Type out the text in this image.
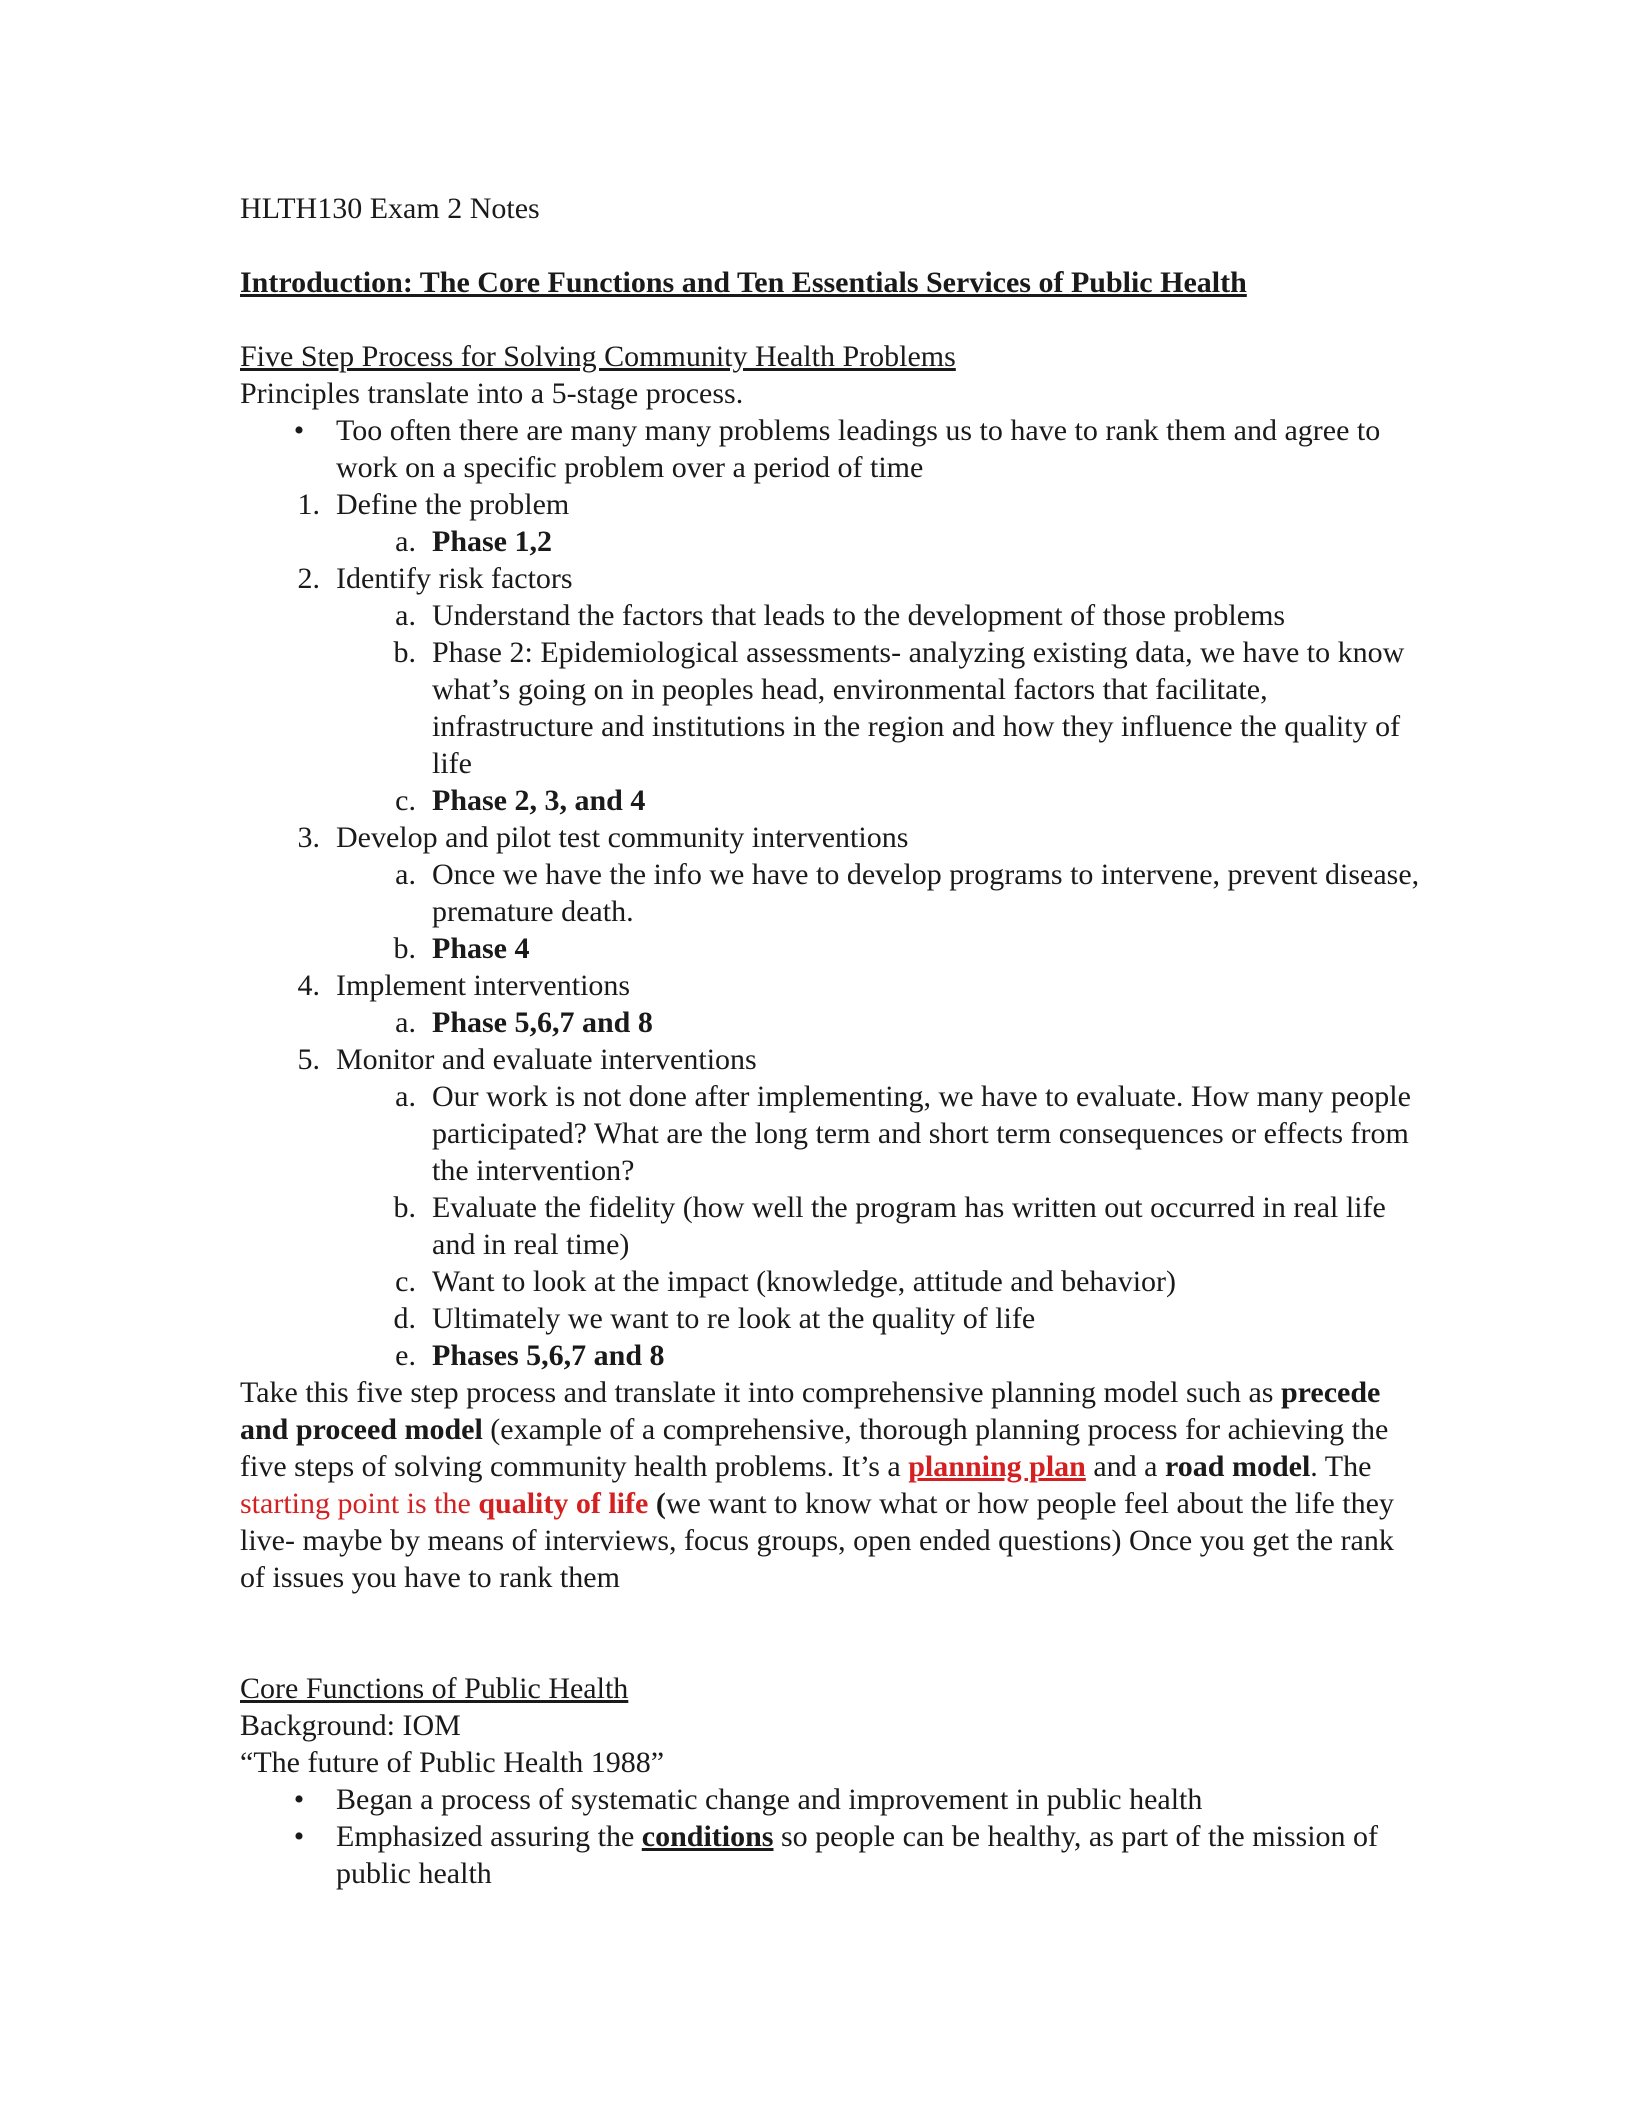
HLTH130 Exam 2 Notes

Introduction: The Core Functions and Ten Essentials Services of Public Health

Five Step Process for Solving Community Health Problems

Principles translate into a 5-stage process.

•	Too often there are many many problems leadings us to have to rank them and agree to work on a specific problem over a period of time
1. Define the problem
a. Phase 1,2
2. Identify risk factors
a. Understand the factors that leads to the development of those problems
b. Phase 2: Epidemiological assessments- analyzing existing data, we have to know what’s going on in peoples head, environmental factors that facilitate, infrastructure and institutions in the region and how they influence the quality of life
c. Phase 2, 3, and 4
3. Develop and pilot test community interventions
a. Once we have the info we have to develop programs to intervene, prevent disease, premature death.
b. Phase 4
4. Implement interventions
a. Phase 5,6,7 and 8
5. Monitor and evaluate interventions
a. Our work is not done after implementing, we have to evaluate. How many people participated? What are the long term and short term consequences or effects from the intervention?
b. Evaluate the fidelity (how well the program has written out occurred in real life and in real time)
c. Want to look at the impact (knowledge, attitude and behavior)
d. Ultimately we want to re look at the quality of life
e. Phases 5,6,7 and 8

Take this five step process and translate it into comprehensive planning model such as precede and proceed model (example of a comprehensive, thorough planning process for achieving the five steps of solving community health problems. It’s a planning plan and a road model. The starting point is the quality of life (we want to know what or how people feel about the life they live- maybe by means of interviews, focus groups, open ended questions) Once you get the rank of issues you have to rank them

Core Functions of Public Health

Background: IOM

“The future of Public Health 1988”

•	Began a process of systematic change and improvement in public health
•	Emphasized assuring the conditions so people can be healthy, as part of the mission of public health
